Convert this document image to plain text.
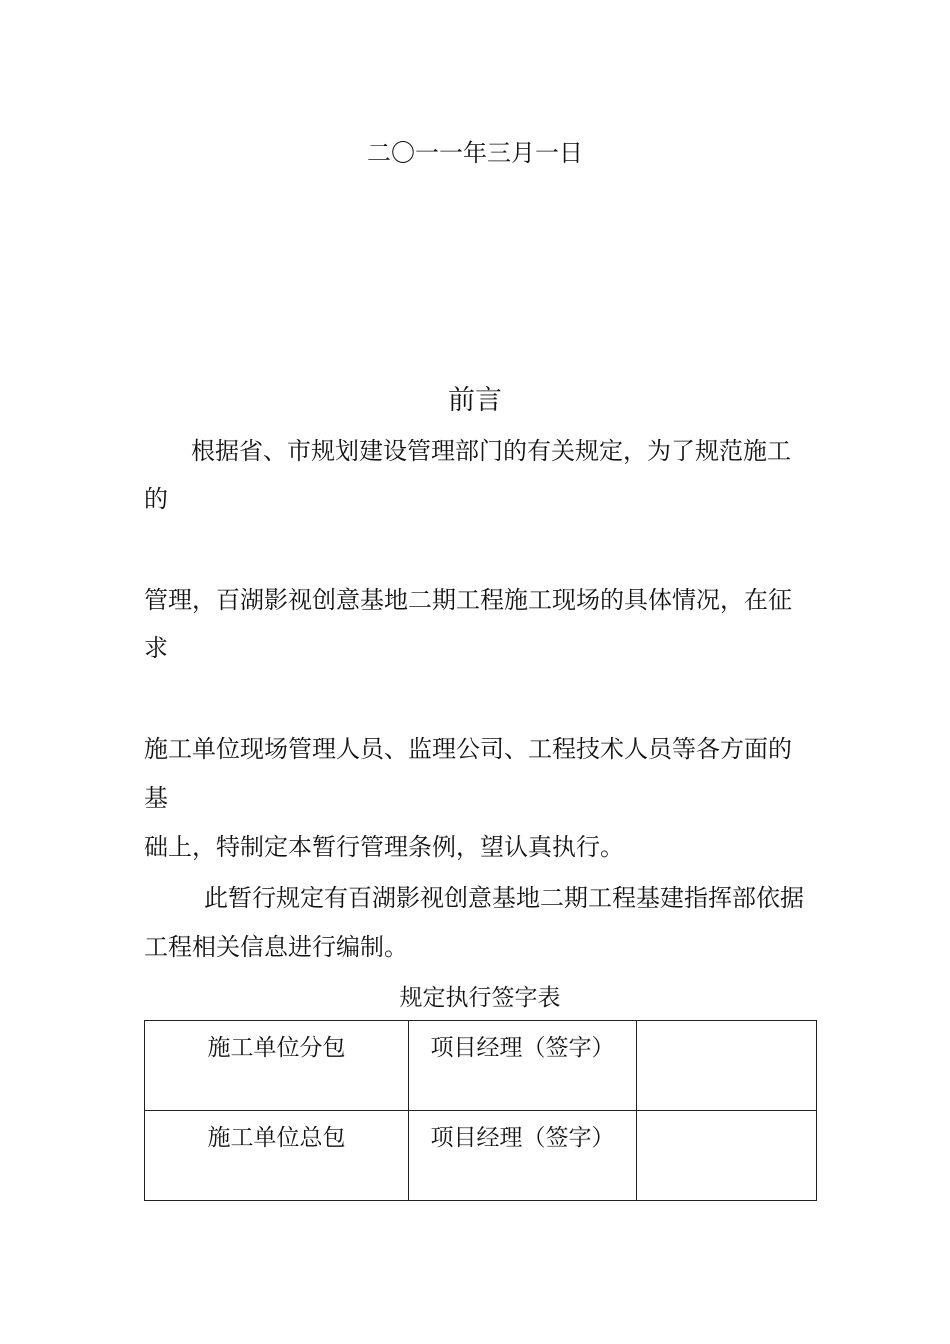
二〇一一年三月一日
前言
根据省、市规划建设管理部门的有关规定，为了规范施工
的
管理，百湖影视创意基地二期工程施工现场的具体情况，在征
求
施工单位现场管理人员、监理公司、工程技术人员等各方面的
基
础上，特制定本暂行管理条例，望认真执行。
此暂行规定有百湖影视创意基地二期工程基建指挥部依据
工程相关信息进行编制。
规定执行签字表
施工单位分包	项目经理（签字）	
施工单位总包	项目经理（签字）	
